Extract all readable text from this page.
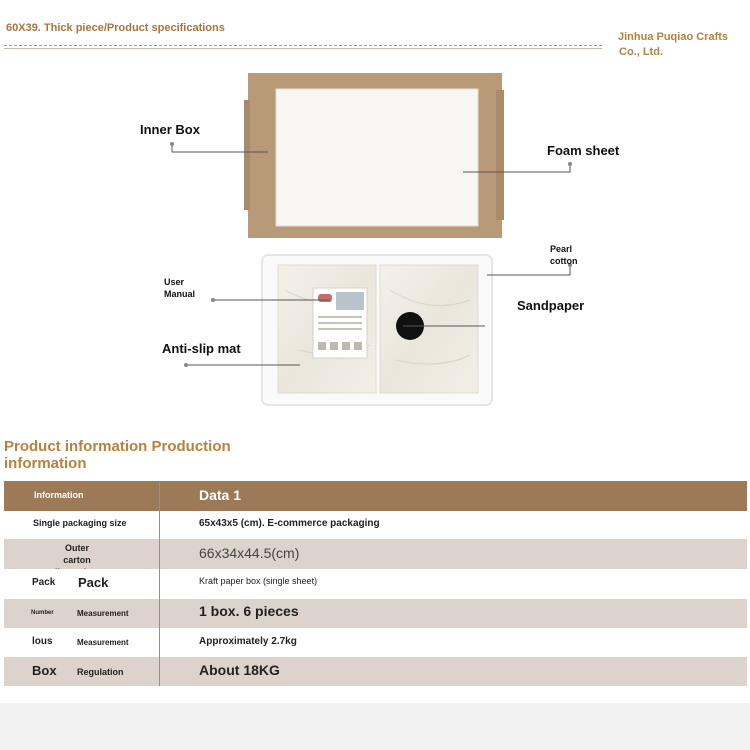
60X39. Thick piece/Product specifications
Jinhua Puqiao Crafts
Co., Ltd.
Inner Box
Foam sheet
Pearl
cotton
User
Manual
Sandpaper
Anti-slip mat
Product information Production
information
Information	Data 1
Single packaging size	65x43x5 (cm). E-commerce packaging
Outer
carton	66x34x44.5(cm)
Pack Pack	Kraft paper box (single sheet)
Number	Measurement	1 box. 6 pieces
lous	Measurement	Approximately 2.7kg
Box Regulation	About 18KG
